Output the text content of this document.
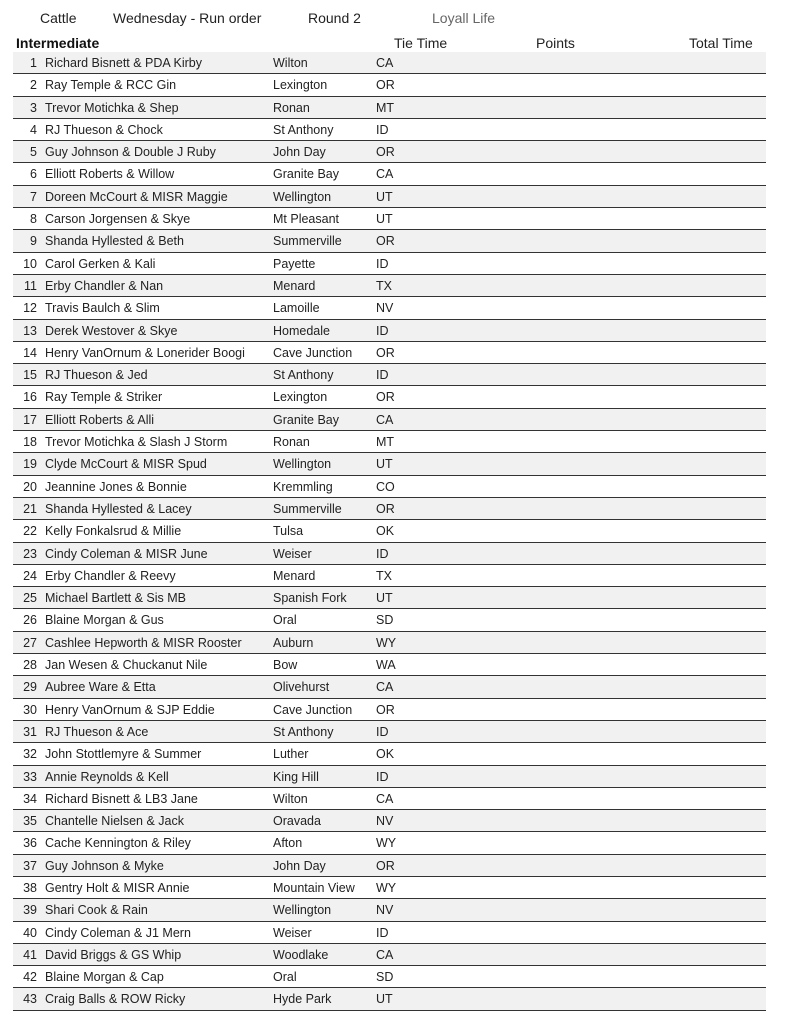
Cattle	Wednesday - Run order	Round 2	Loyall Life
Intermediate	Tie Time	Points	Total Time
1 Richard Bisnett & PDA Kirby	Wilton	CA
2 Ray Temple & RCC Gin	Lexington	OR
3 Trevor Motichka & Shep	Ronan	MT
4 RJ Thueson & Chock	St Anthony	ID
5 Guy Johnson & Double J Ruby	John Day	OR
6 Elliott Roberts & Willow	Granite Bay	CA
7 Doreen McCourt & MISR Maggie	Wellington	UT
8 Carson Jorgensen & Skye	Mt Pleasant	UT
9 Shanda Hyllested & Beth	Summerville	OR
10 Carol Gerken & Kali	Payette	ID
11 Erby Chandler & Nan	Menard	TX
12 Travis Baulch & Slim	Lamoille	NV
13 Derek Westover & Skye	Homedale	ID
14 Henry VanOrnum & Lonerider Boogi	Cave Junction	OR
15 RJ Thueson & Jed	St Anthony	ID
16 Ray Temple & Striker	Lexington	OR
17 Elliott Roberts & Alli	Granite Bay	CA
18 Trevor Motichka & Slash J Storm	Ronan	MT
19 Clyde McCourt & MISR Spud	Wellington	UT
20 Jeannine Jones & Bonnie	Kremmling	CO
21 Shanda Hyllested & Lacey	Summerville	OR
22 Kelly Fonkalsrud & Millie	Tulsa	OK
23 Cindy Coleman & MISR June	Weiser	ID
24 Erby Chandler & Reevy	Menard	TX
25 Michael Bartlett & Sis MB	Spanish Fork	UT
26 Blaine Morgan & Gus	Oral	SD
27 Cashlee Hepworth & MISR Rooster	Auburn	WY
28 Jan Wesen & Chuckanut Nile	Bow	WA
29 Aubree Ware & Etta	Olivehurst	CA
30 Henry VanOrnum & SJP Eddie	Cave Junction	OR
31 RJ Thueson & Ace	St Anthony	ID
32 John Stottlemyre & Summer	Luther	OK
33 Annie Reynolds & Kell	King Hill	ID
34 Richard Bisnett & LB3 Jane	Wilton	CA
35 Chantelle Nielsen & Jack	Oravada	NV
36 Cache Kennington & Riley	Afton	WY
37 Guy Johnson & Myke	John Day	OR
38 Gentry Holt & MISR Annie	Mountain View	WY
39 Shari Cook & Rain	Wellington	NV
40 Cindy Coleman & J1 Mern	Weiser	ID
41 David Briggs & GS Whip	Woodlake	CA
42 Blaine Morgan & Cap	Oral	SD
43 Craig Balls & ROW Ricky	Hyde Park	UT
